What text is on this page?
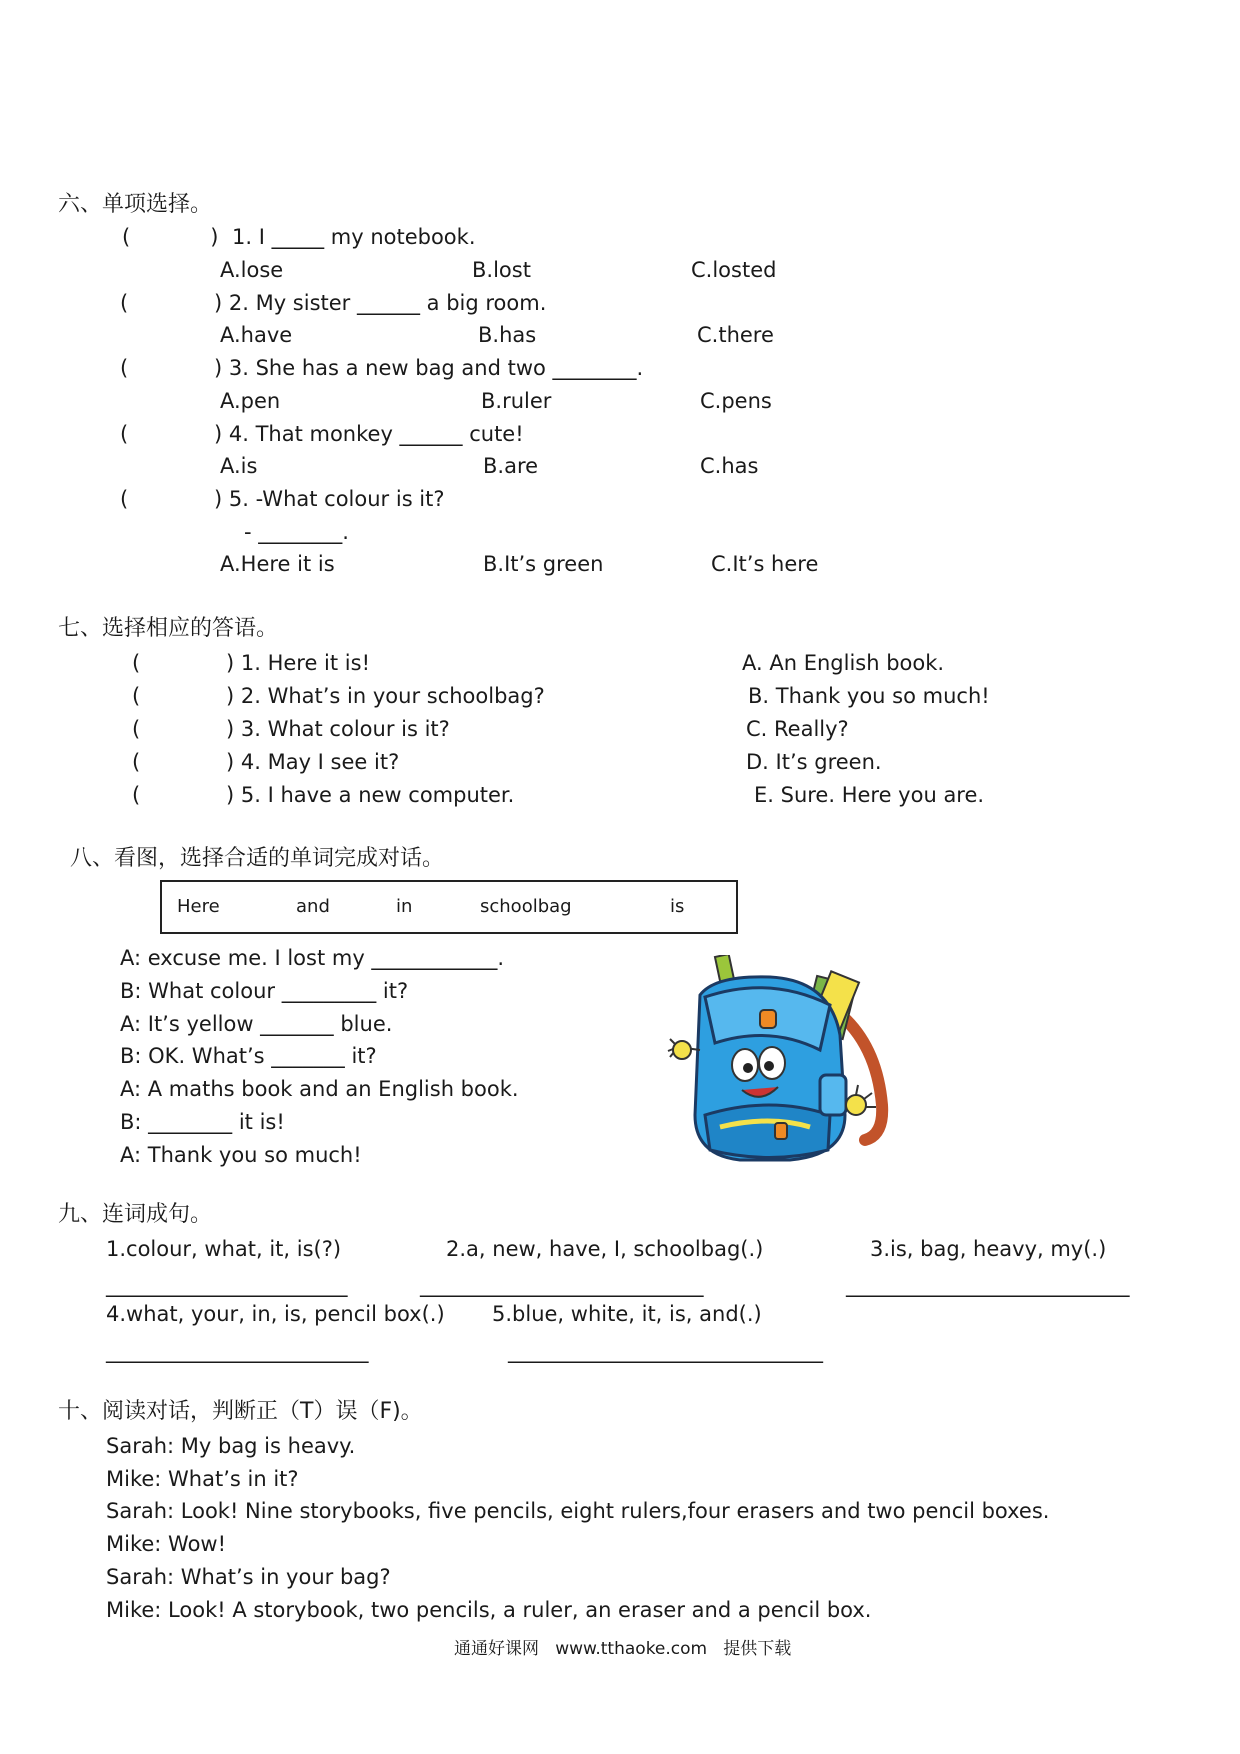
六、单项选择。
(            ) 1. I _____ my notebook.
A.lose	B.lost	C.losted
(	) 2. My sister ______ a big room.
A.have	B.has	C.there
(	) 3. She has a new bag and two ________.
A.pen	B.ruler	C.pens
(	) 4. That monkey ______ cute!
A.is	B.are	C.has
(	) 5. -What colour is it?
- ________.
A.Here it is	B.It’s green	C.It’s here
七、选择相应的答语。
(	) 1. Here it is!	A. An English book.
(	) 2. What’s in your schoolbag?	B. Thank you so much!
(	) 3. What colour is it?	C. Really?
(	) 4. May I see it?	D. It’s green.
(	) 5. I have a new computer.	E. Sure. Here you are.
八、看图，选择合适的单词完成对话。
Here	and	in	schoolbag	is
A: excuse me. I lost my ____________.
B: What colour _________ it?
A: It’s yellow _______ blue.
B: OK. What’s _______ it?
A: A maths book and an English book.
B: ________ it is!
A: Thank you so much!
九、连词成句。
1.colour, what, it, is(?)	2.a, new, have, I, schoolbag(.)	3.is, bag, heavy, my(.)
_______________________	___________________________	___________________________
4.what, your, in, is, pencil box(.) 5.blue, white, it, is, and(.)
_________________________	______________________________
十、阅读对话，判断正（T）误（F)。
Sarah: My bag is heavy.
Mike: What’s in it?
Sarah: Look! Nine storybooks, five pencils, eight rulers,four erasers and two pencil boxes.
Mike: Wow!
Sarah: What’s in your bag?
Mike: Look! A storybook, two pencils, a ruler, an eraser and a pencil box.
通通好课网   www.tthaoke.com   提供下载
